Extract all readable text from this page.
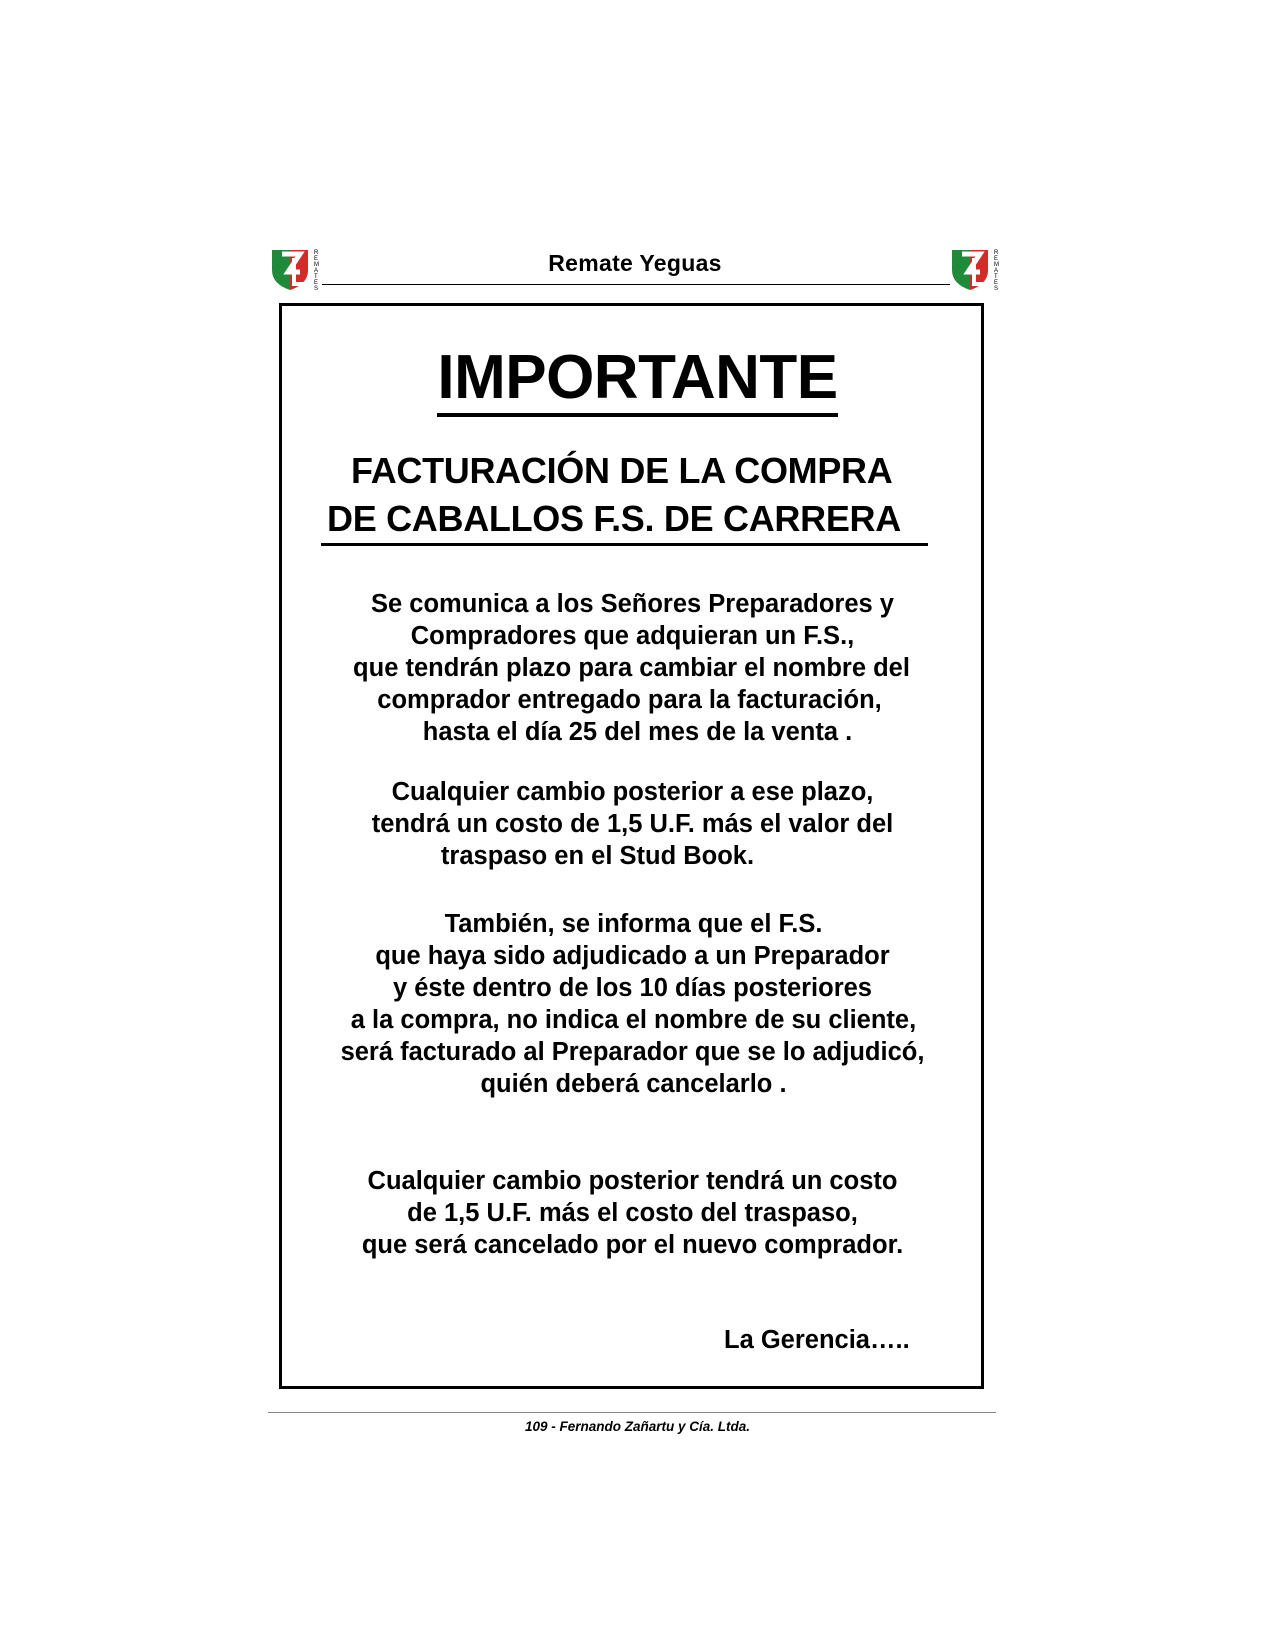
R
E
M
A
T
E
S
R
E
M
A
T
E
S
Remate Yeguas
IMPORTANTE
FACTURACIÓN DE LA COMPRA
DE CABALLOS F.S. DE CARRERA
Se comunica a los Señores Preparadores y
Compradores que adquieran un F.S.,
que tendrán plazo para cambiar el nombre del
comprador entregado para la facturación,
hasta el día 25 del mes de la venta .
Cualquier cambio posterior a ese plazo,
tendrá un costo de 1,5 U.F. más el valor del
traspaso en el Stud Book.
También, se informa que el F.S.
que haya sido adjudicado a un Preparador
y éste dentro de los 10 días posteriores
a la compra, no indica el nombre de su cliente,
será facturado al Preparador que se lo adjudicó,
quién deberá cancelarlo .
Cualquier cambio posterior tendrá un costo
de 1,5 U.F. más el costo del traspaso,
que será cancelado por el nuevo comprador.
La Gerencia…..
109 - Fernando Zañartu y Cía. Ltda.
